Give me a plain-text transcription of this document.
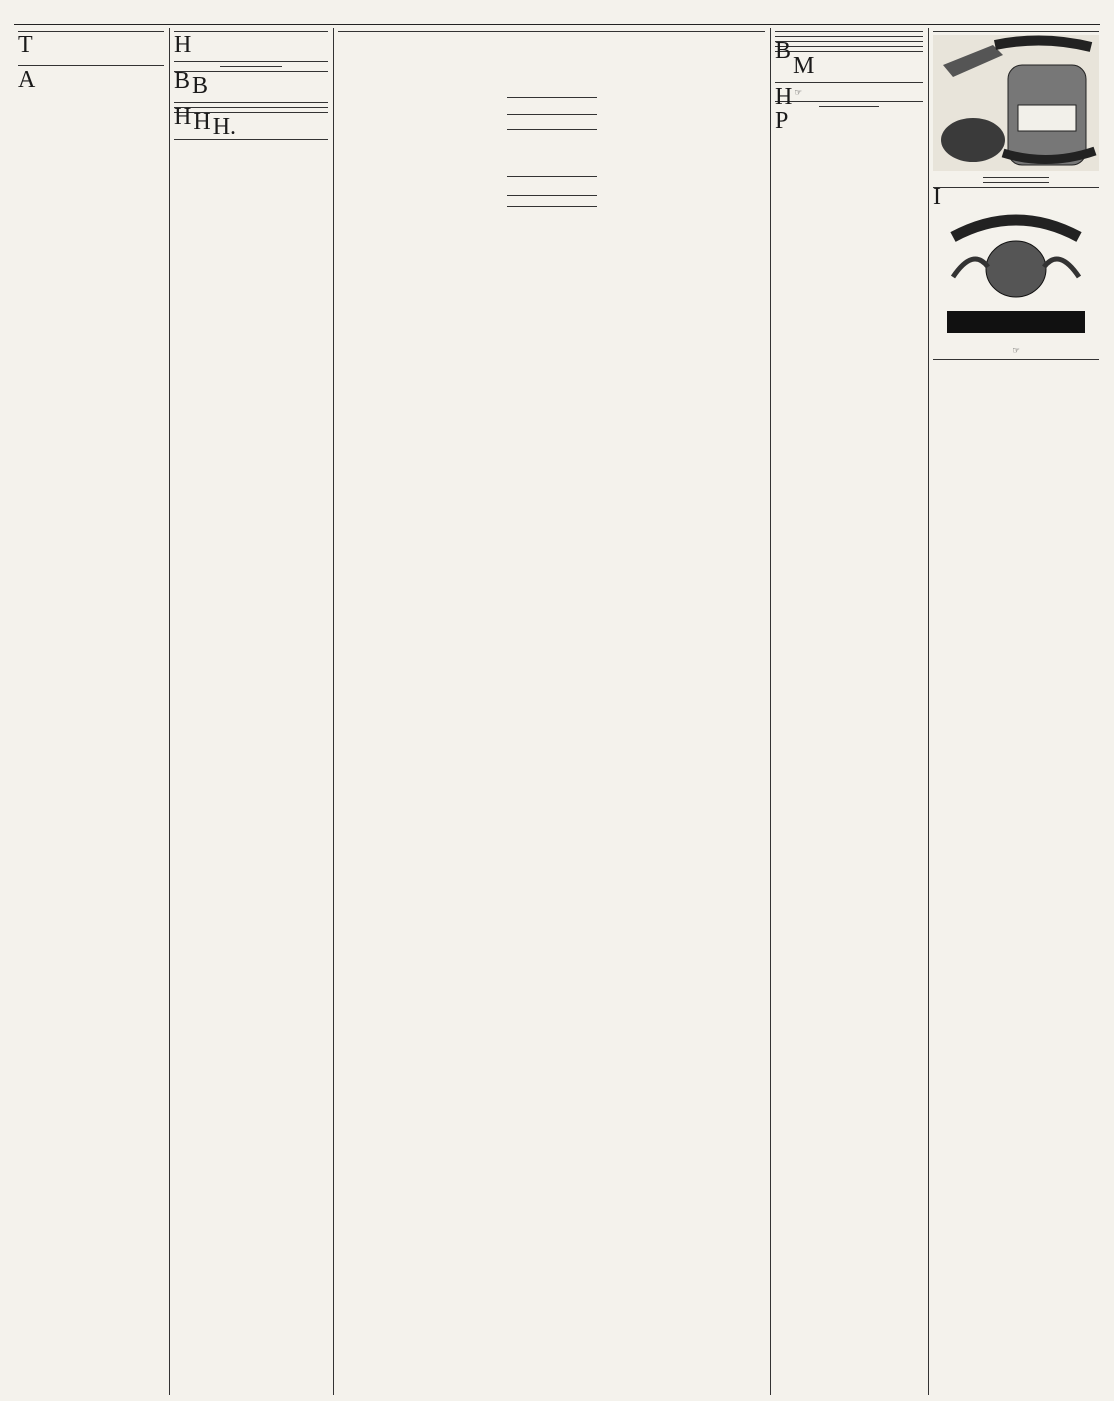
T

A

H

B B

H H H.

B

M

H ☞

P

I

☞
